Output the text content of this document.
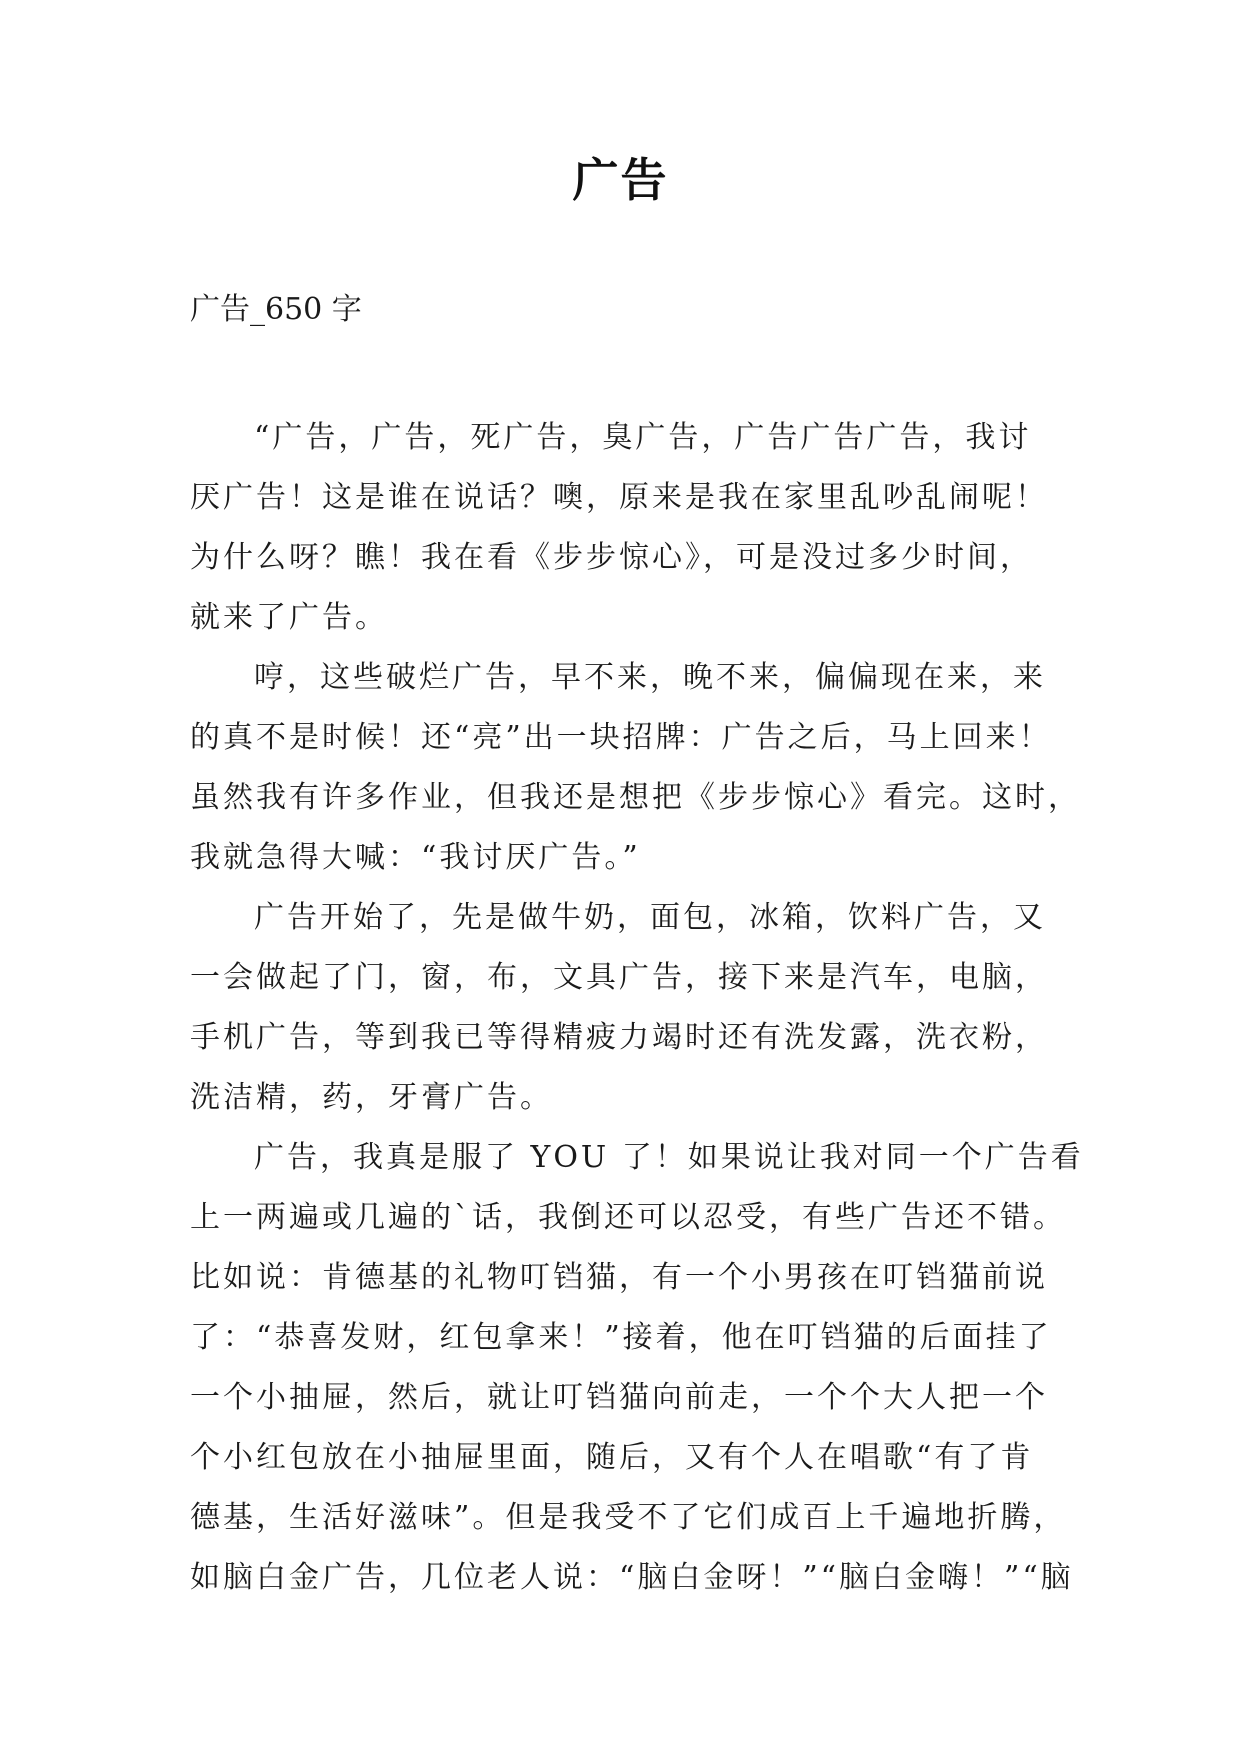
广告
广告_650 字
“广告，广告，死广告，臭广告，广告广告广告，我讨
厌广告！这是谁在说话？噢，原来是我在家里乱吵乱闹呢！
为什么呀？瞧！我在看《步步惊心》，可是没过多少时间，
就来了广告。
哼，这些破烂广告，早不来，晚不来，偏偏现在来，来
的真不是时候！还“亮”出一块招牌：广告之后，马上回来！
虽然我有许多作业，但我还是想把《步步惊心》看完。这时，
我就急得大喊：“我讨厌广告。”
广告开始了，先是做牛奶，面包，冰箱，饮料广告，又
一会做起了门，窗，布，文具广告，接下来是汽车，电脑，
手机广告，等到我已等得精疲力竭时还有洗发露，洗衣粉，
洗洁精，药，牙膏广告。
广告，我真是服了 YOU 了！如果说让我对同一个广告看
上一两遍或几遍的`话，我倒还可以忍受，有些广告还不错。
比如说：肯德基的礼物叮铛猫，有一个小男孩在叮铛猫前说
了：“恭喜发财，红包拿来！”接着，他在叮铛猫的后面挂了
一个小抽屉，然后，就让叮铛猫向前走，一个个大人把一个
个小红包放在小抽屉里面，随后，又有个人在唱歌“有了肯
德基，生活好滋味”。但是我受不了它们成百上千遍地折腾，
如脑白金广告，几位老人说：“脑白金呀！”“脑白金嗨！”“脑
